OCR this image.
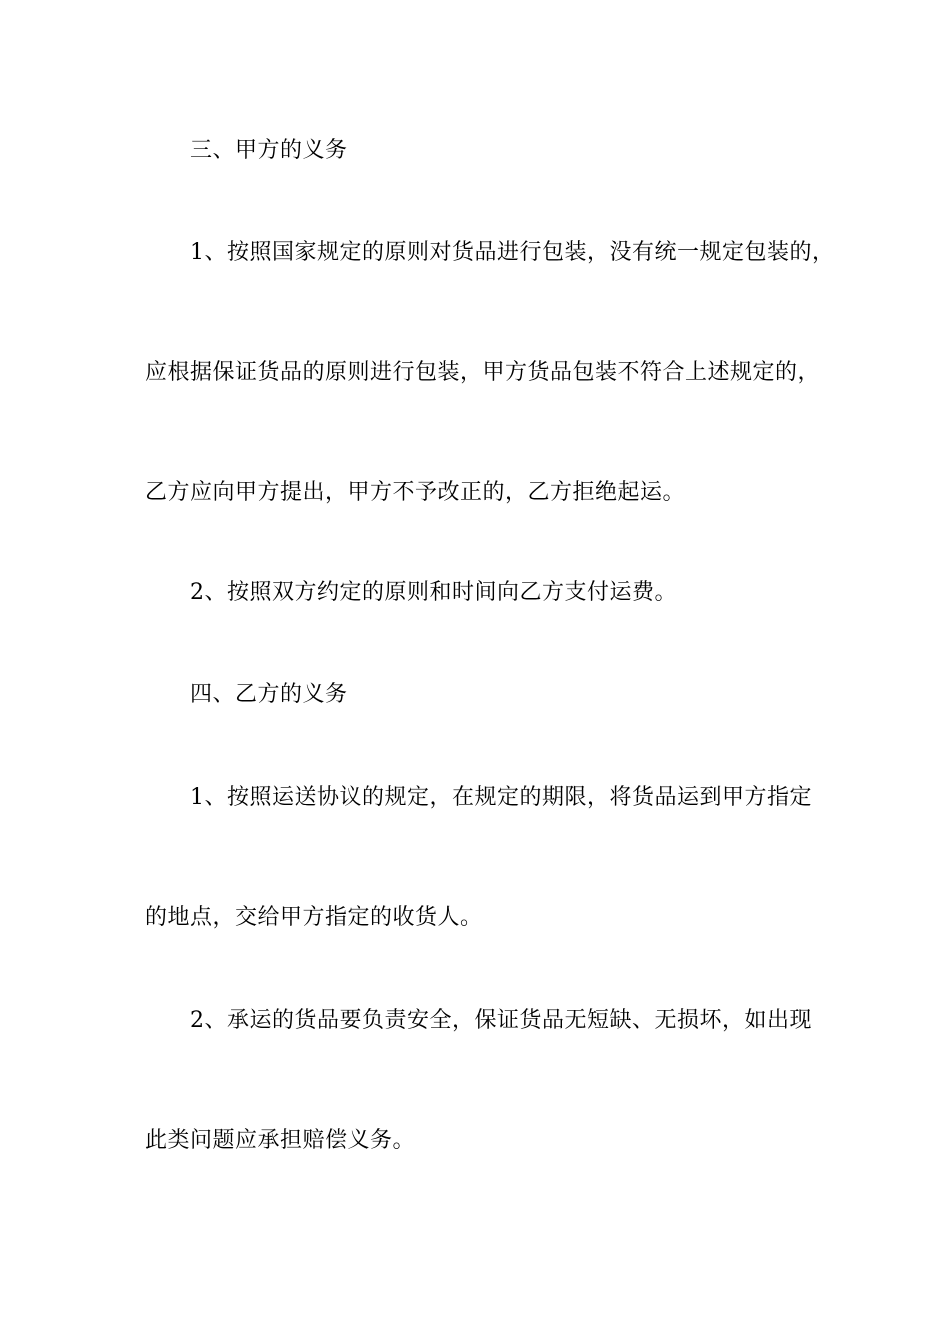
三、甲方的义务
1、按照国家规定的原则对货品进行包装，没有统一规定包装的，
应根据保证货品的原则进行包装，甲方货品包装不符合上述规定的，
乙方应向甲方提出，甲方不予改正的，乙方拒绝起运。
2、按照双方约定的原则和时间向乙方支付运费。
四、乙方的义务
1、按照运送协议的规定，在规定的期限，将货品运到甲方指定
的地点，交给甲方指定的收货人。
2、承运的货品要负责安全，保证货品无短缺、无损坏，如出现
此类问题应承担赔偿义务。
